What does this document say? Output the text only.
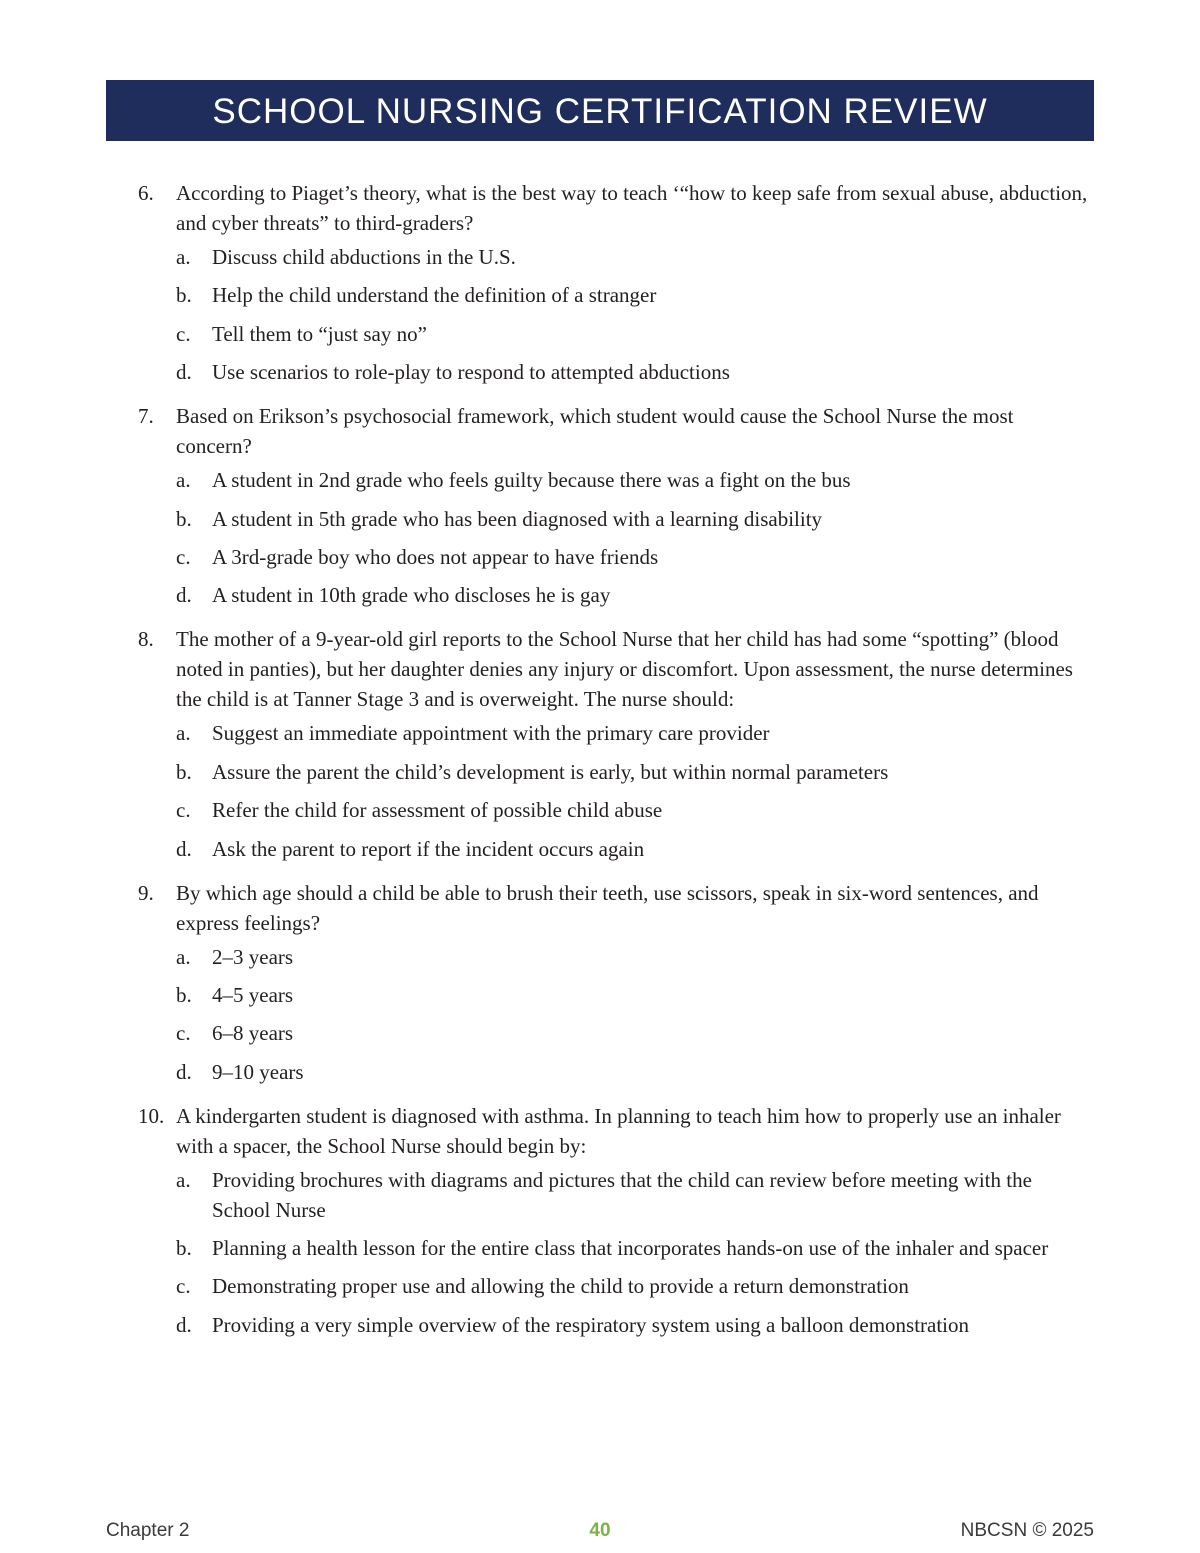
SCHOOL NURSING CERTIFICATION REVIEW
6.	According to Piaget’s theory, what is the best way to teach ‘“how to keep safe from sexual abuse, abduction, and cyber threats” to third-graders?
a.	Discuss child abductions in the U.S.
b. Help the child understand the definition of a stranger
c.	Tell them to “just say no”
d. Use scenarios to role-play to respond to attempted abductions
7.	Based on Erikson’s psychosocial framework, which student would cause the School Nurse the most concern?
a.	A student in 2nd grade who feels guilty because there was a fight on the bus
b. A student in 5th grade who has been diagnosed with a learning disability
c.	A 3rd-grade boy who does not appear to have friends
d. A student in 10th grade who discloses he is gay
8.	The mother of a 9-year-old girl reports to the School Nurse that her child has had some “spotting” (blood noted in panties), but her daughter denies any injury or discomfort. Upon assessment, the nurse determines the child is at Tanner Stage 3 and is overweight. The nurse should:
a.	Suggest an immediate appointment with the primary care provider
b. Assure the parent the child’s development is early, but within normal parameters
c.	Refer the child for assessment of possible child abuse
d. Ask the parent to report if the incident occurs again
9.	By which age should a child be able to brush their teeth, use scissors, speak in six-word sentences, and express feelings?
a.	2–3 years
b. 4–5 years
c.	6–8 years
d. 9–10 years
10. A kindergarten student is diagnosed with asthma. In planning to teach him how to properly use an inhaler with a spacer, the School Nurse should begin by:
a.	Providing brochures with diagrams and pictures that the child can review before meeting with the School Nurse
b. Planning a health lesson for the entire class that incorporates hands-on use of the inhaler and spacer
c.	Demonstrating proper use and allowing the child to provide a return demonstration
d. Providing a very simple overview of the respiratory system using a balloon demonstration
Chapter 2	40	NBCSN © 2025
